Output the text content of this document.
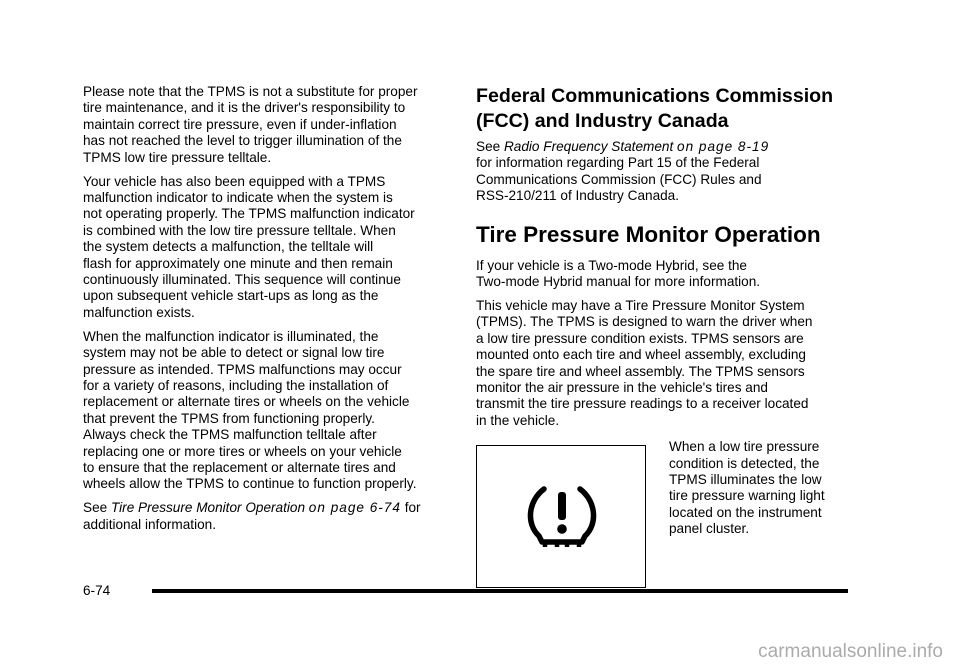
Please note that the TPMS is not a substitute for proper
tire maintenance, and it is the driver's responsibility to
maintain correct tire pressure, even if under-inflation
has not reached the level to trigger illumination of the
TPMS low tire pressure telltale.

Your vehicle has also been equipped with a TPMS
malfunction indicator to indicate when the system is
not operating properly. The TPMS malfunction indicator
is combined with the low tire pressure telltale. When
the system detects a malfunction, the telltale will
flash for approximately one minute and then remain
continuously illuminated. This sequence will continue
upon subsequent vehicle start-ups as long as the
malfunction exists.

When the malfunction indicator is illuminated, the
system may not be able to detect or signal low tire
pressure as intended. TPMS malfunctions may occur
for a variety of reasons, including the installation of
replacement or alternate tires or wheels on the vehicle
that prevent the TPMS from functioning properly.
Always check the TPMS malfunction telltale after
replacing one or more tires or wheels on your vehicle
to ensure that the replacement or alternate tires and
wheels allow the TPMS to continue to function properly.

See Tire Pressure Monitor Operation on page 6-74 for
additional information.

Federal Communications Commission
(FCC) and Industry Canada

See Radio Frequency Statement on page 8-19
for information regarding Part 15 of the Federal
Communications Commission (FCC) Rules and
RSS-210/211 of Industry Canada.

Tire Pressure Monitor Operation

If your vehicle is a Two-mode Hybrid, see the
Two-mode Hybrid manual for more information.

This vehicle may have a Tire Pressure Monitor System
(TPMS). The TPMS is designed to warn the driver when
a low tire pressure condition exists. TPMS sensors are
mounted onto each tire and wheel assembly, excluding
the spare tire and wheel assembly. The TPMS sensors
monitor the air pressure in the vehicle's tires and
transmit the tire pressure readings to a receiver located
in the vehicle.

When a low tire pressure
condition is detected, the
TPMS illuminates the low
tire pressure warning light
located on the instrument
panel cluster.

6-74
carmanualsonline.info
